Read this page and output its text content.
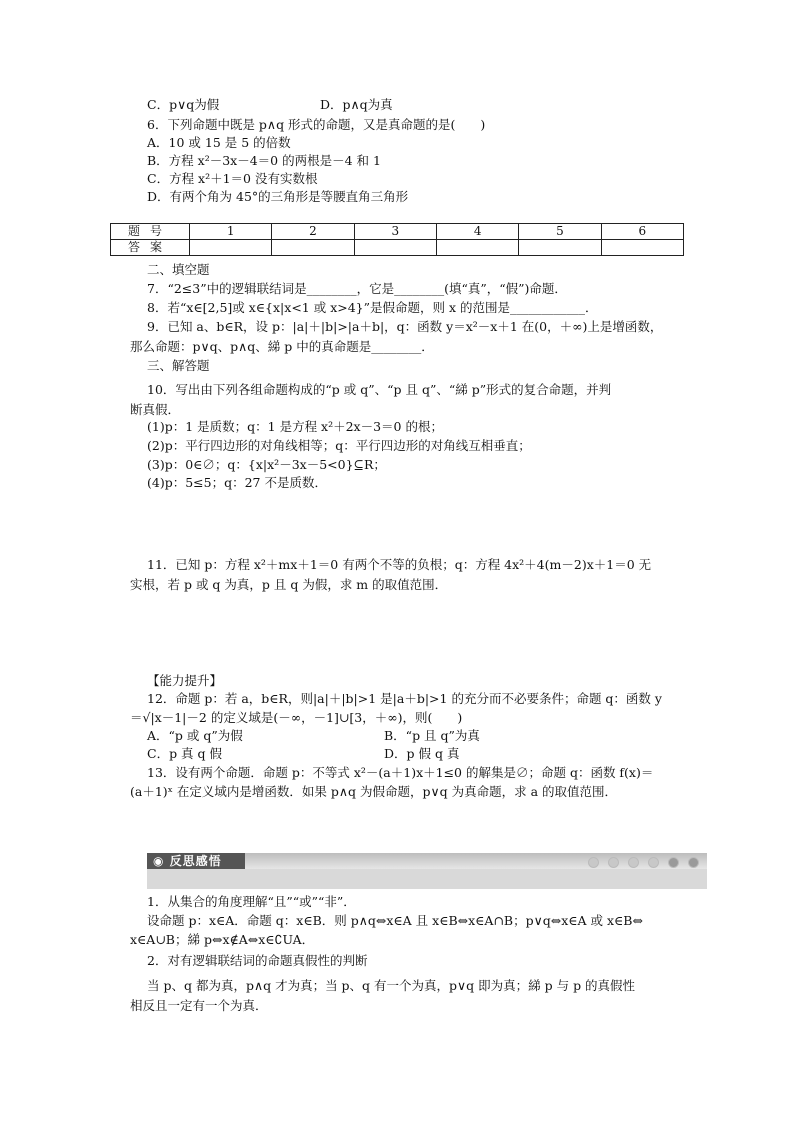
C．p∨q为假	D．p∧q为真
6．下列命题中既是 p∧q 形式的命题，又是真命题的是(　　)
A．10 或 15 是 5 的倍数
B．方程 x²－3x－4＝0 的两根是－4 和 1
C．方程 x²＋1＝0 没有实数根
D．有两个角为 45°的三角形是等腰直角三角形
题号	1	2	3	4	5	6
答案						
二、填空题
7．“2≤3”中的逻辑联结词是________，它是________(填“真”，“假”)命题．
8．若“x∈[2,5]或 x∈{x|x<1 或 x>4}”是假命题，则 x 的范围是____________．
9．已知 a、b∈R，设 p：|a|＋|b|>|a＋b|，q：函数 y＝x²－x＋1 在(0，＋∞)上是增函数，
那么命题：p∨q、p∧q、綈 p 中的真命题是________．
三、解答题
10．写出由下列各组命题构成的“p 或 q”、“p 且 q”、“綈 p”形式的复合命题，并判
断真假．
(1)p：1 是质数；q：1 是方程 x²＋2x－3＝0 的根；
(2)p：平行四边形的对角线相等；q：平行四边形的对角线互相垂直；
(3)p：0∈∅；q：{x|x²－3x－5<0}⊆R；
(4)p：5≤5；q：27 不是质数．
11．已知 p：方程 x²＋mx＋1＝0 有两个不等的负根；q：方程 4x²＋4(m－2)x＋1＝0 无
实根，若 p 或 q 为真，p 且 q 为假，求 m 的取值范围．
【能力提升】
12．命题 p：若 a，b∈R，则|a|＋|b|>1 是|a＋b|>1 的充分而不必要条件；命题 q：函数 y
＝√|x－1|－2 的定义域是(－∞，－1]∪[3，＋∞)，则(　　)
A．“p 或 q”为假	B．“p 且 q”为真
C．p 真 q 假	D．p 假 q 真
13．设有两个命题．命题 p：不等式 x²－(a＋1)x＋1≤0 的解集是∅；命题 q：函数 f(x)＝
(a＋1)ˣ 在定义域内是增函数．如果 p∧q 为假命题，p∨q 为真命题，求 a 的取值范围．
◉ 反思感悟

1．从集合的角度理解“且”“或”“非”．
设命题 p：x∈A．命题 q：x∈B．则 p∧q⇔x∈A 且 x∈B⇔x∈A∩B；p∨q⇔x∈A 或 x∈B⇔
x∈A∪B；綈 p⇔x∉A⇔x∈∁UA．
2．对有逻辑联结词的命题真假性的判断
当 p、q 都为真，p∧q 才为真；当 p、q 有一个为真，p∨q 即为真；綈 p 与 p 的真假性
相反且一定有一个为真．
